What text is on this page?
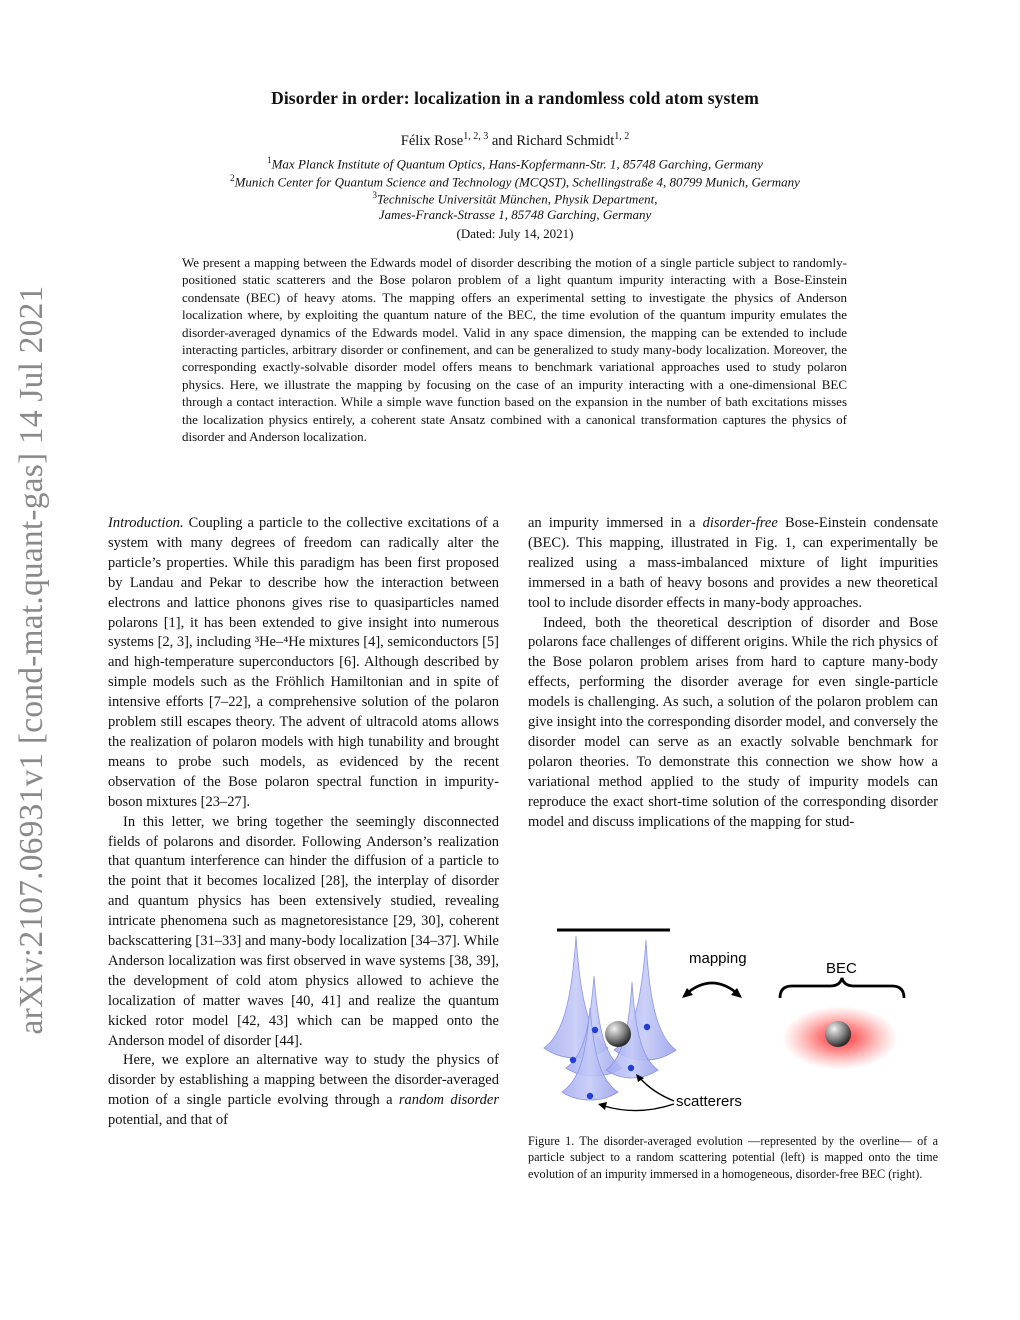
arXiv:2107.06931v1 [cond-mat.quant-gas] 14 Jul 2021
Disorder in order: localization in a randomless cold atom system
Félix Rose$^{1, 2, 3}$ and Richard Schmidt$^{1, 2}$
$^1$Max Planck Institute of Quantum Optics, Hans-Kopfermann-Str. 1, 85748 Garching, Germany
$^2$Munich Center for Quantum Science and Technology (MCQST), Schellingstraße 4, 80799 Munich, Germany
$^3$Technische Universität München, Physik Department,
James-Franck-Strasse 1, 85748 Garching, Germany
(Dated: July 14, 2021)
We present a mapping between the Edwards model of disorder describing the motion of a single particle subject to randomly-positioned static scatterers and the Bose polaron problem of a light quantum impurity interacting with a Bose-Einstein condensate (BEC) of heavy atoms. The mapping offers an experimental setting to investigate the physics of Anderson localization where, by exploiting the quantum nature of the BEC, the time evolution of the quantum impurity emulates the disorder-averaged dynamics of the Edwards model. Valid in any space dimension, the mapping can be extended to include interacting particles, arbitrary disorder or confinement, and can be generalized to study many-body localization. Moreover, the corresponding exactly-solvable disorder model offers means to benchmark variational approaches used to study polaron physics. Here, we illustrate the mapping by focusing on the case of an impurity interacting with a one-dimensional BEC through a contact interaction. While a simple wave function based on the expansion in the number of bath excitations misses the localization physics entirely, a coherent state Ansatz combined with a canonical transformation captures the physics of disorder and Anderson localization.

Introduction. Coupling a particle to the collective excitations of a system with many degrees of freedom can radically alter the particle’s properties. While this paradigm has been first proposed by Landau and Pekar to describe how the interaction between electrons and lattice phonons gives rise to quasiparticles named polarons [1], it has been extended to give insight into numerous systems [2, 3], including ³He–⁴He mixtures [4], semiconductors [5] and high-temperature superconductors [6]. Although described by simple models such as the Fröhlich Hamiltonian and in spite of intensive efforts [7–22], a comprehensive solution of the polaron problem still escapes theory. The advent of ultracold atoms allows the realization of polaron models with high tunability and brought means to probe such models, as evidenced by the recent observation of the Bose polaron spectral function in impurity-boson mixtures [23–27].

In this letter, we bring together the seemingly disconnected fields of polarons and disorder. Following Anderson’s realization that quantum interference can hinder the diffusion of a particle to the point that it becomes localized [28], the interplay of disorder and quantum physics has been extensively studied, revealing intricate phenomena such as magnetoresistance [29, 30], coherent backscattering [31–33] and many-body localization [34–37]. While Anderson localization was first observed in wave systems [38, 39], the development of cold atom physics allowed to achieve the localization of matter waves [40, 41] and realize the quantum kicked rotor model [42, 43] which can be mapped onto the Anderson model of disorder [44].

Here, we explore an alternative way to study the physics of disorder by establishing a mapping between the disorder-averaged motion of a single particle evolving through a random disorder potential, and that of

an impurity immersed in a disorder-free Bose-Einstein condensate (BEC). This mapping, illustrated in Fig. 1, can experimentally be realized using a mass-imbalanced mixture of light impurities immersed in a bath of heavy bosons and provides a new theoretical tool to include disorder effects in many-body approaches.

Indeed, both the theoretical description of disorder and Bose polarons face challenges of different origins. While the rich physics of the Bose polaron problem arises from hard to capture many-body effects, performing the disorder average for even single-particle models is challenging. As such, a solution of the polaron problem can give insight into the corresponding disorder model, and conversely the disorder model can serve as an exactly solvable benchmark for polaron theories. To demonstrate this connection we show how a variational method applied to the study of impurity models can reproduce the exact short-time solution of the corresponding disorder model and discuss implications of the mapping for stud-

mapping
BEC
scatterers
Figure 1. The disorder-averaged evolution —represented by the overline— of a particle subject to a random scattering potential (left) is mapped onto the time evolution of an impurity immersed in a homogeneous, disorder-free BEC (right).
